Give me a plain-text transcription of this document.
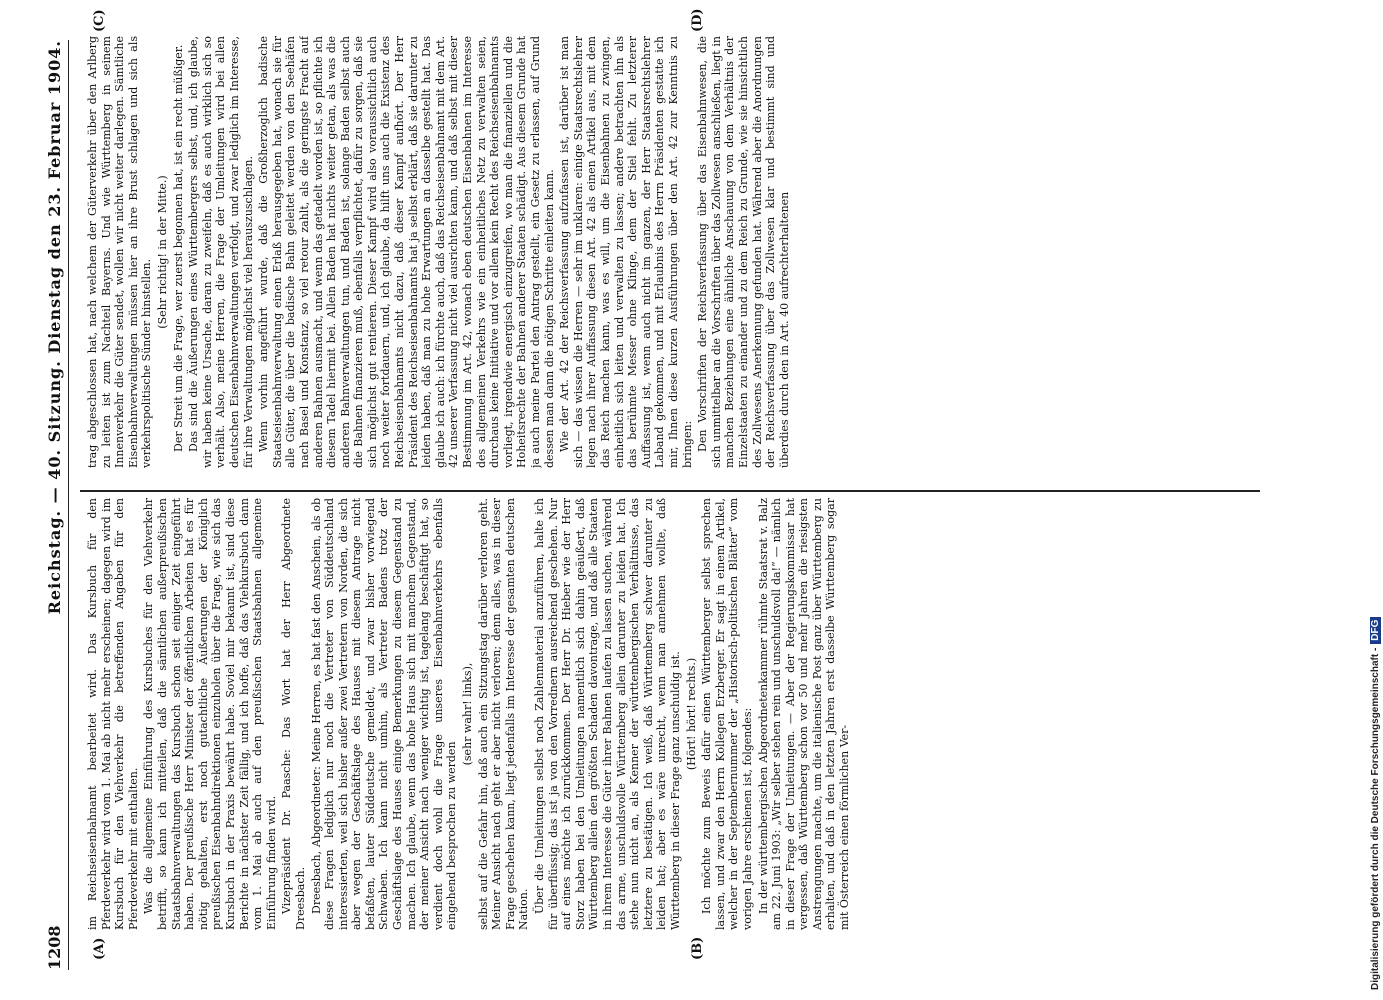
1208
Reichstag. — 40. Sitzung. Dienstag den 23. Februar 1904.
(A)	(B)
(C)	(D)

im Reichseisenbahnamt bearbeitet wird. Das Kursbuch für den Pferdeverkehr wird vom 1. Mai ab nicht mehr erscheinen; dagegen wird im Kursbuch für den Viehverkehr die betreffenden Angaben für den Pferdeverkehr mit enthalten. Was die allgemeine Einführung des Kursbuches für den Viehverkehr betrifft, so kann ich mitteilen, daß die sämtlichen außerpreußischen Staatsbahnverwaltungen das Kursbuch schon seit einiger Zeit eingeführt haben. Der preußische Herr Minister der öffentlichen Arbeiten hat es für nötig gehalten, erst noch gutachtliche Äußerungen der Königlich preußischen Eisenbahndirektionen einzuholen über die Frage, wie sich das Kursbuch in der Praxis bewährt habe. Soviel mir bekannt ist, sind diese Berichte in nächster Zeit fällig, und ich hoffe, daß das Viehkursbuch dann vom 1. Mai ab auch auf den preußischen Staatsbahnen allgemeine Einführung finden wird. Vizepräsident Dr. Paasche: Das Wort hat der Herr Abgeordnete Dreesbach. Dreesbach, Abgeordneter: Meine Herren, es hat fast den Anschein, als ob diese Fragen lediglich nur noch die Vertreter von Süddeutschland interessierten, weil sich bisher außer zwei Vertretern von Norden, die sich aber wegen der Geschäftslage des Hauses mit diesem Antrage nicht befaßten, lauter Süddeutsche gemeldet, und zwar bisher vorwiegend Schwaben. Ich kann nicht umhin, als Vertreter Badens trotz der Geschäftslage des Hauses einige Bemerkungen zu diesem Gegenstand zu machen. Ich glaube, wenn das hohe Haus sich mit manchem Gegenstand, der meiner Ansicht nach weniger wichtig ist, tagelang beschäftigt hat, so verdient doch wohl die Frage unseres Eisenbahnverkehrs ebenfalls eingehend besprochen zu werden

(sehr wahr! links), selbst auf die Gefahr hin, daß auch ein Sitzungstag darüber verloren geht. Meiner Ansicht nach geht er aber nicht verloren; denn alles, was in dieser Frage geschehen kann, liegt jedenfalls im Interesse der gesamten deutschen Nation. Über die Umleitungen selbst noch Zahlenmaterial anzuführen, halte ich für überflüssig; das ist ja von den Vorrednern ausreichend geschehen. Nur auf eines möchte ich zurückkommen. Der Herr Dr. Hieber wie der Herr Storz haben bei den Umleitungen namentlich sich dahin geäußert, daß Württemberg allein den größten Schaden davontrage, und daß alle Staaten in ihrem Interesse die Güter ihrer Bahnen laufen zu lassen suchen, während das arme, unschuldsvolle Württemberg allein darunter zu leiden hat. Ich stehe nun nicht an, als Kenner der württembergischen Verhältnisse, das letztere zu bestätigen. Ich weiß, daß Württemberg schwer darunter zu leiden hat; aber es wäre unrecht, wenn man annehmen wollte, daß Württemberg in dieser Frage ganz unschuldig ist. (Hört! hört! rechts.) Ich möchte zum Beweis dafür einen Württemberger selbst sprechen lassen, und zwar den Herrn Kollegen Erzberger. Er sagt in einem Artikel, welcher in der Septembernummer der „Historisch-politischen Blätter“ vom vorigen Jahre erschienen ist, folgendes: In der württembergischen Abgeordnetenkammer rühmte Staatsrat v. Balz am 22. Juni 1903: „Wir selber stehen rein und unschuldsvoll da!“ — nämlich in dieser Frage der Umleitungen. — Aber der Regierungskommissar hat vergessen, daß Württemberg schon vor 50 und mehr Jahren die riesigsten Anstrengungen machte, um die italienische Post ganz über Württemberg zu erhalten, und daß in den letzten Jahren erst dasselbe Württemberg sogar mit Österreich einen förmlichen Ver-

trag abgeschlossen hat, nach welchem der Güterverkehr über den Arlberg zu leiten ist zum Nachteil Bayerns. Und wie Württemberg in seinem Innenverkehr die Güter sendet, wollen wir nicht weiter darlegen. Sämtliche Eisenbahnverwaltungen müssen hier an ihre Brust schlagen und sich als verkehrspolitische Sünder hinstellen.

(Sehr richtig! in der Mitte.) Der Streit um die Frage, wer zuerst begonnen hat, ist ein recht müßiger. Das sind die Äußerungen eines Württembergers selbst, und, ich glaube, wir haben keine Ursache, daran zu zweifeln, daß es auch wirklich sich so verhält. Also, meine Herren, die Frage der Umleitungen wird bei allen deutschen Eisenbahnverwaltungen verfolgt, und zwar lediglich im Interesse, für ihre Verwaltungen möglichst viel herauszuschlagen. Wenn vorhin angeführt wurde, daß die Großherzoglich badische Staatseisenbahnverwaltung einen Erlaß herausgegeben hat, wonach sie für alle Güter, die über die badische Bahn geleitet werden von den Seehäfen nach Basel und Konstanz, so viel retour zahlt, als die geringste Fracht auf anderen Bahnen ausmacht, und wenn das getadelt worden ist, so pflichte ich diesem Tadel hiermit bei. Allein Baden hat nichts weiter getan, als was die anderen Bahnverwaltungen tun, und Baden ist, solange Baden selbst auch die Bahnen finanzieren muß, ebenfalls verpflichtet, dafür zu sorgen, daß sie sich möglichst gut rentieren. Dieser Kampf wird also voraussichtlich auch noch weiter fortdauern, und, ich glaube, da hilft uns auch die Existenz des Reichseisenbahnamts nicht dazu, daß dieser Kampf aufhört. Der Herr Präsident des Reichseisenbahnamts hat ja selbst erklärt, daß sie darunter zu leiden haben, daß man zu hohe Erwartungen an dasselbe gestellt hat. Das glaube ich auch: ich fürchte auch, daß das Reichseisenbahnamt mit dem Art. 42 unserer Verfassung nicht viel ausrichten kann, und daß selbst mit dieser Bestimmung im Art. 42, wonach eben deutschen Eisenbahnen im Interesse des allgemeinen Verkehrs wie ein einheitliches Netz zu verwalten seien, durchaus keine Initiative und vor allem kein Recht des Reichseisenbahnamts vorliegt, irgendwie energisch einzugreifen, wo man die finanziellen und die Hoheitsrechte der Bahnen anderer Staaten schädigt. Aus diesem Grunde hat ja auch meine Partei den Antrag gestellt, ein Gesetz zu erlassen, auf Grund dessen man dann die nötigen Schritte einleiten kann. Wie der Art. 42 der Reichsverfassung aufzufassen ist, darüber ist man sich — das wissen die Herren — sehr im unklaren: einige Staatsrechtslehrer legen nach ihrer Auffassung diesen Art. 42 als einen Artikel aus, mit dem das Reich machen kann, was es will, um die Eisenbahnen zu zwingen, einheitlich sich leiten und verwalten zu lassen; andere betrachten ihn als das berühmte Messer ohne Klinge, dem der Stiel fehlt. Zu letzterer Auffassung ist, wenn auch nicht im ganzen, der Herr Staatsrechtslehrer Laband gekommen, und mit Erlaubnis des Herrn Präsidenten gestatte ich mir, Ihnen diese kurzen Ausführungen über den Art. 42 zur Kenntnis zu bringen: Den Vorschriften der Reichsverfassung über das Eisenbahnwesen, die sich unmittelbar an die Vorschriften über das Zollwesen anschließen, liegt in manchen Beziehungen eine ähnliche Anschauung von dem Verhältnis der Einzelstaaten zu einander und zu dem Reich zu Grunde, wie sie hinsichtlich des Zollwesens Anerkennung gefunden hat. Während aber die Anordnungen der Reichsverfassung über das Zollwesen klar und bestimmt sind und überdies durch den in Art. 40 aufrechterhaltenen

Digitalisierung gefördert durch die Deutsche Forschungsgemeinschaft -DFG
